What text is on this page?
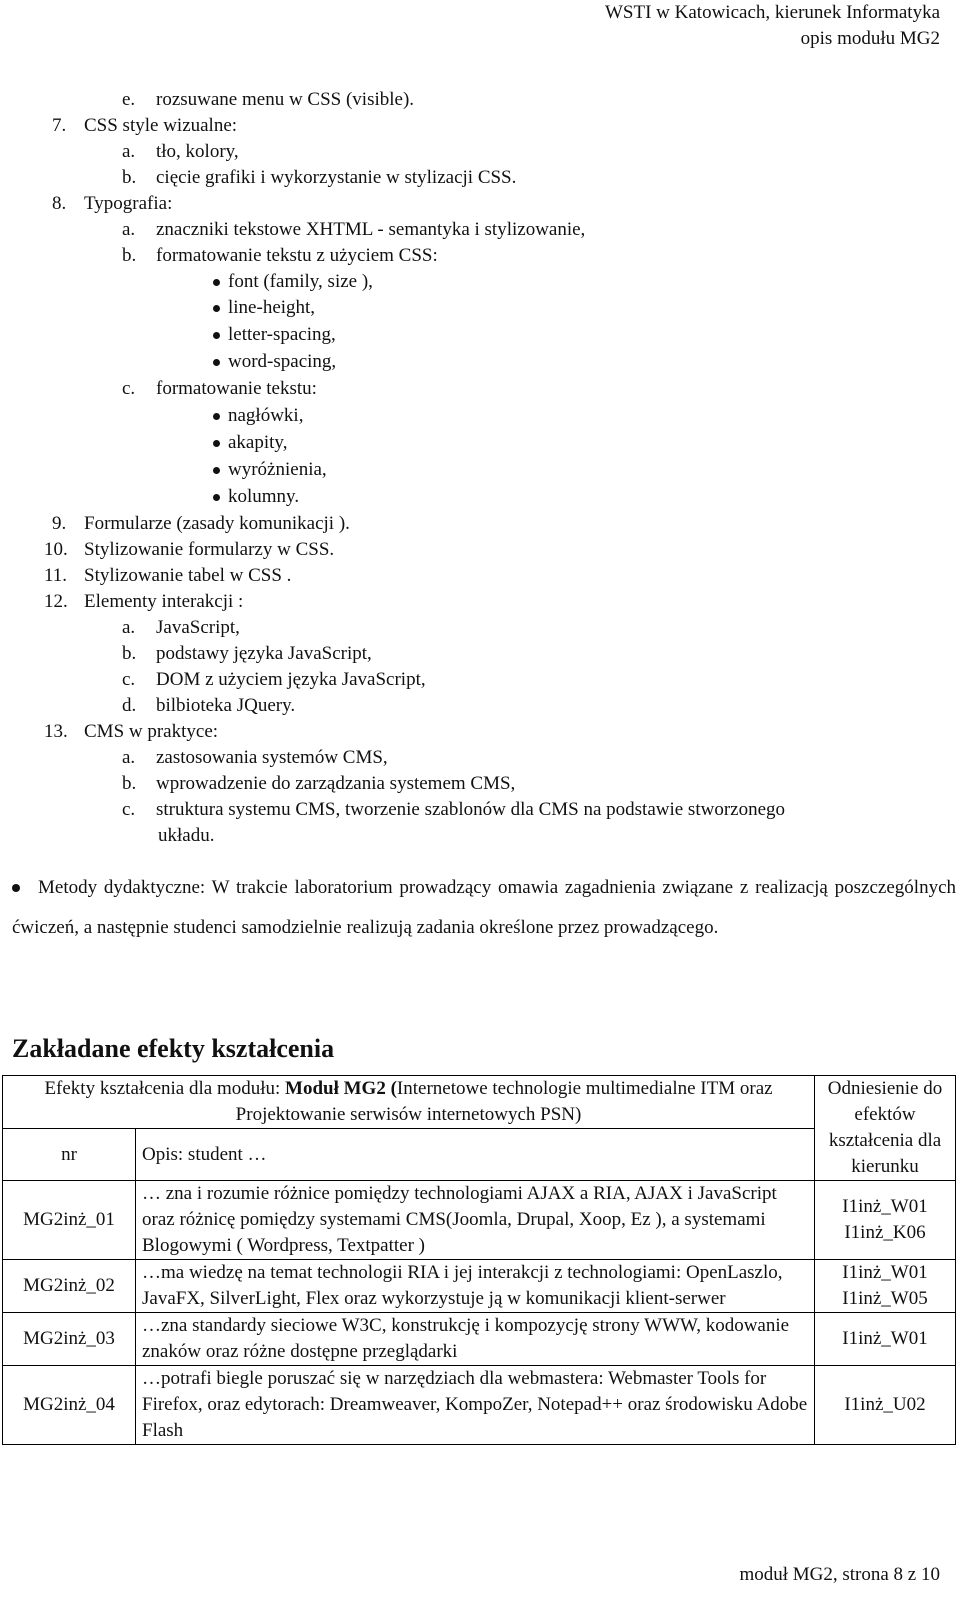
WSTI w Katowicach, kierunek Informatyka
opis modułu MG2
e. rozsuwane menu w CSS (visible).
7. CSS style wizualne:
a. tło, kolory,
b. cięcie grafiki i wykorzystanie w stylizacji CSS.
8. Typografia:
a. znaczniki tekstowe XHTML - semantyka i stylizowanie,
b. formatowanie tekstu z użyciem CSS:
font (family, size ),
line-height,
letter-spacing,
word-spacing,
c. formatowanie tekstu:
nagłówki,
akapity,
wyróżnienia,
kolumny.
9. Formularze (zasady komunikacji ).
10. Stylizowanie formularzy w CSS.
11. Stylizowanie tabel w CSS .
12. Elementy interakcji :
a. JavaScript,
b. podstawy języka JavaScript,
c. DOM z użyciem języka JavaScript,
d. bilbioteka JQuery.
13. CMS w praktyce:
a. zastosowania systemów CMS,
b. wprowadzenie do zarządzania systemem CMS,
c. struktura systemu CMS, tworzenie szablonów dla CMS na podstawie stworzonego
układu.

Metody dydaktyczne: W trakcie laboratorium prowadzący omawia zagadnienia związane z realizacją poszczególnych ćwiczeń, a następnie studenci samodzielnie realizują zadania określone przez prowadzącego.

Zakładane efekty kształcenia
Efekty kształcenia dla modułu: Moduł MG2 (Internetowe technologie multimedialne ITM oraz Projektowanie serwisów internetowych PSN)		Odniesienie do efektów kształcenia dla kierunku
nr	Opis: student …	
MG2inż_01	… zna i rozumie różnice pomiędzy technologiami AJAX a RIA, AJAX i JavaScript oraz różnicę pomiędzy systemami CMS(Joomla, Drupal, Xoop, Ez ), a systemami Blogowymi ( Wordpress, Textpatter )	I1inż_W01 I1inż_K06
MG2inż_02	…ma wiedzę na temat technologii RIA i jej interakcji z technologiami: OpenLaszlo, JavaFX, SilverLight, Flex oraz wykorzystuje ją w komunikacji klient-serwer	I1inż_W01 I1inż_W05
MG2inż_03	…zna standardy sieciowe W3C, konstrukcję i kompozycję strony WWW, kodowanie znaków oraz różne dostępne przeglądarki	I1inż_W01
MG2inż_04	…potrafi biegle poruszać się w narzędziach dla webmastera: Webmaster Tools for Firefox, oraz edytorach: Dreamweaver, KompoZer, Notepad++ oraz środowisku Adobe Flash	I1inż_U02
moduł MG2, strona 8 z 10
